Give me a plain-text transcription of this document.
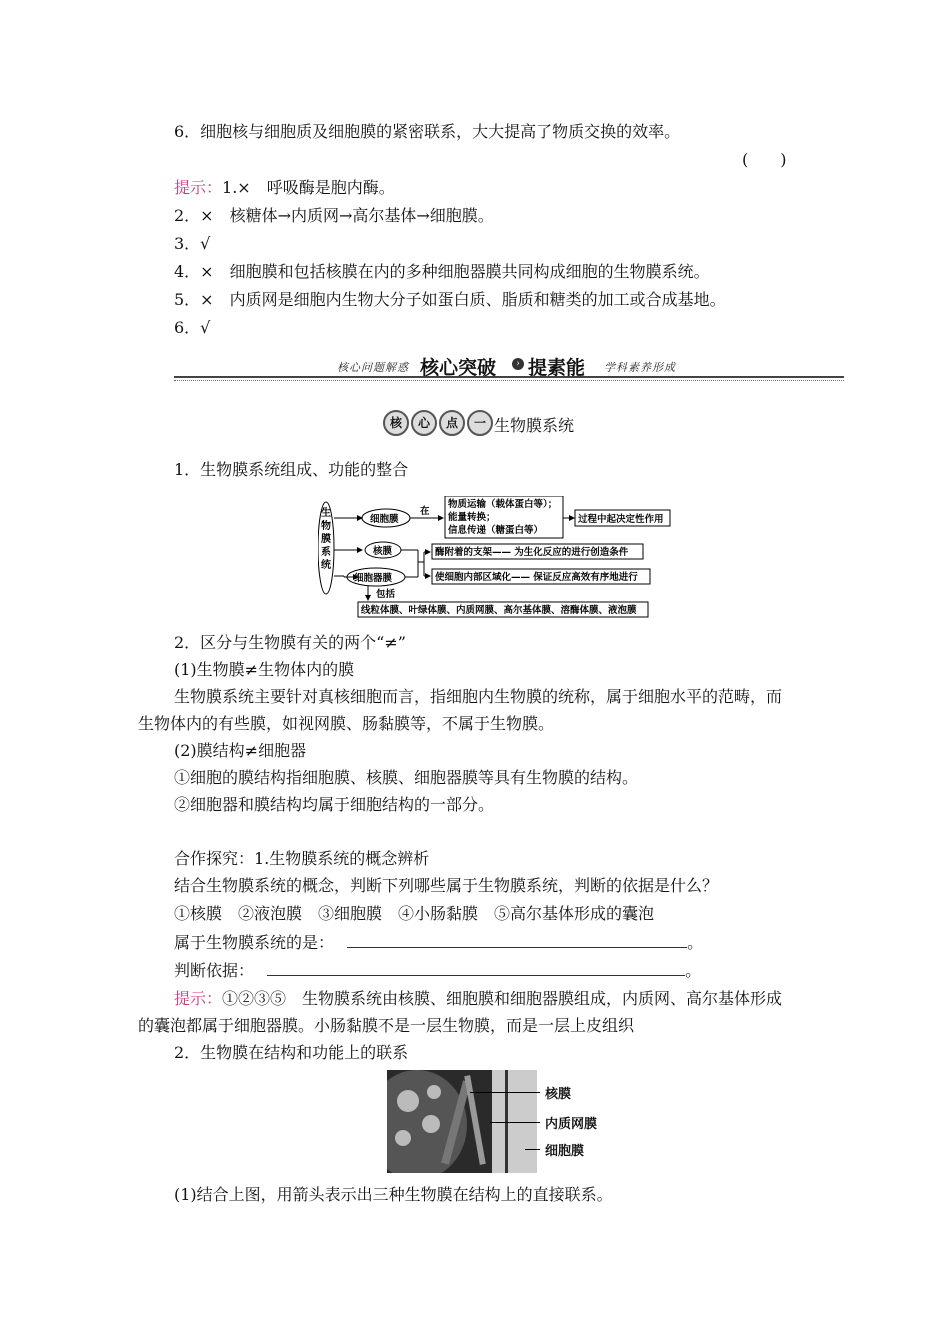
6．细胞核与细胞质及细胞膜的紧密联系，大大提高了物质交换的效率。
(　　)
提示：1.×　呼吸酶是胞内酶。
2．×　核糖体→内质网→高尔基体→细胞膜。
3．√
4．×　细胞膜和包括核膜在内的多种细胞器膜共同构成细胞的生物膜系统。
5．×　内质网是细胞内生物大分子如蛋白质、脂质和糖类的加工或合成基地。
6．√
核心问题解惑 核心突破	› 提素能 学科素养形成
核	心	点	一 生物膜系统
1．生物膜系统组成、功能的整合
生物膜系统
细胞膜
核膜
细胞器膜
在
物质运输（载体蛋白等）；
能量转换；
信息传递（糖蛋白等）
过程中起决定性作用
酶附着的支架—— 为生化反应的进行创造条件
使细胞内部区域化—— 保证反应高效有序地进行
包括
线粒体膜、叶绿体膜、内质网膜、高尔基体膜、溶酶体膜、液泡膜
2．区分与生物膜有关的两个“≠”
(1)生物膜≠生物体内的膜
生物膜系统主要针对真核细胞而言，指细胞内生物膜的统称，属于细胞水平的范畴，而
生物体内的有些膜，如视网膜、肠黏膜等，不属于生物膜。
(2)膜结构≠细胞器
①细胞的膜结构指细胞膜、核膜、细胞器膜等具有生物膜的结构。
②细胞器和膜结构均属于细胞结构的一部分。
合作探究：1.生物膜系统的概念辨析
结合生物膜系统的概念，判断下列哪些属于生物膜系统，判断的依据是什么？
①核膜　②液泡膜　③细胞膜　④小肠黏膜　⑤高尔基体形成的囊泡
属于生物膜系统的是：	。
判断依据：	。
提示：①②③⑤　生物膜系统由核膜、细胞膜和细胞器膜组成，内质网、高尔基体形成
的囊泡都属于细胞器膜。小肠黏膜不是一层生物膜，而是一层上皮组织
2．生物膜在结构和功能上的联系
核膜
内质网膜
细胞膜
(1)结合上图，用箭头表示出三种生物膜在结构上的直接联系。
